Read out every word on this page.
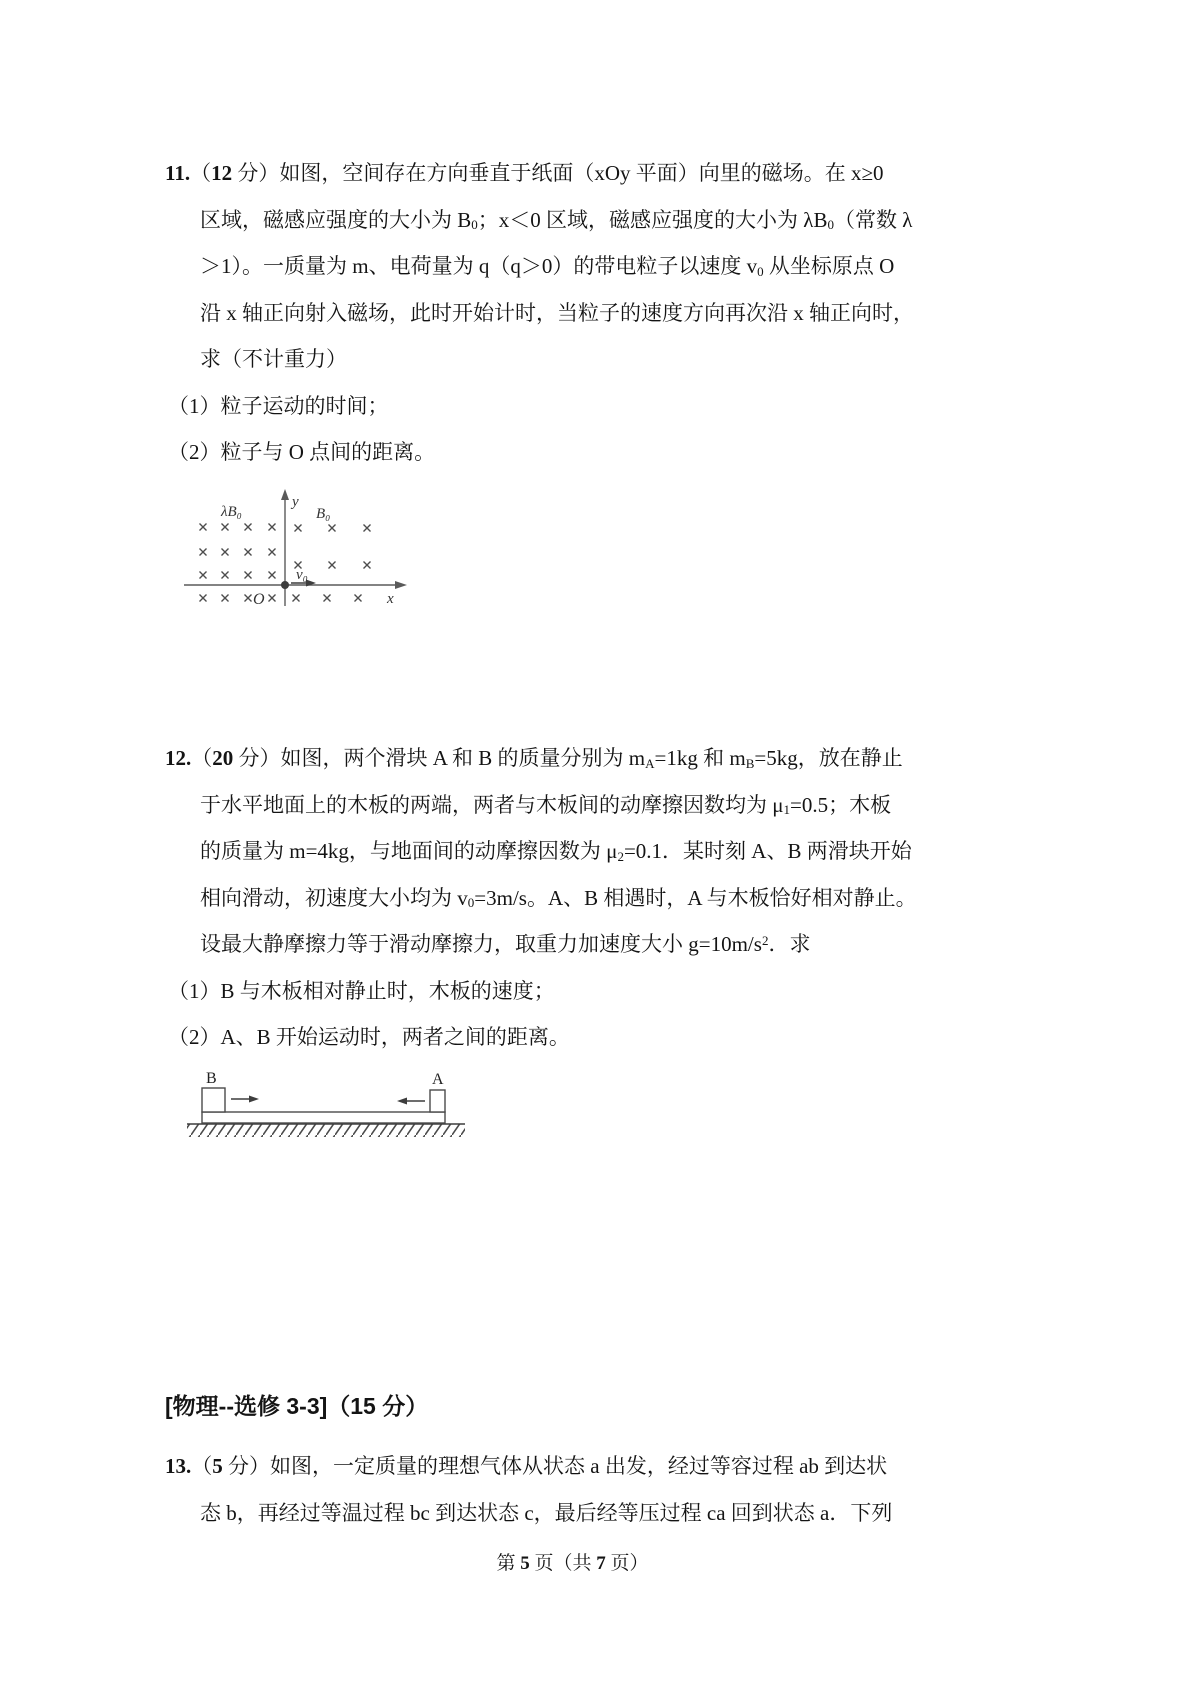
11.（12 分）如图，空间存在方向垂直于纸面（xOy 平面）向里的磁场。在 x≥0
区域，磁感应强度的大小为 $B_0$；x＜0 区域，磁感应强度的大小为 $\lambda B_0$（常数 λ
＞1）。一质量为 m、电荷量为 q（q＞0）的带电粒子以速度 $v_0$ 从坐标原点 O
沿 x 轴正向射入磁场，此时开始计时，当粒子的速度方向再次沿 x 轴正向时，
求（不计重力）
（1）粒子运动的时间；
（2）粒子与 O 点间的距离。
λB₀	B₀
y
x
O
v₀
12.（20 分）如图，两个滑块 A 和 B 的质量分别为 $m_A=1kg$ 和 $m_B=5kg$，放在静止
于水平地面上的木板的两端，两者与木板间的动摩擦因数均为 $\mu_1=0.5$；木板
的质量为 m=4kg，与地面间的动摩擦因数为 $\mu_2=0.1$．某时刻 A、B 两滑块开始
相向滑动，初速度大小均为 $v_0=3m/s$。A、B 相遇时，A 与木板恰好相对静止。
设最大静摩擦力等于滑动摩擦力，取重力加速度大小 $g=10m/s^2$．求
（1）B 与木板相对静止时，木板的速度；
（2）A、B 开始运动时，两者之间的距离。
B	A
[物理--选修 3-3]（15 分）
13.（5 分）如图，一定质量的理想气体从状态 a 出发，经过等容过程 ab 到达状
态 b，再经过等温过程 bc 到达状态 c，最后经等压过程 ca 回到状态 a．下列
第 5 页（共 7 页）
